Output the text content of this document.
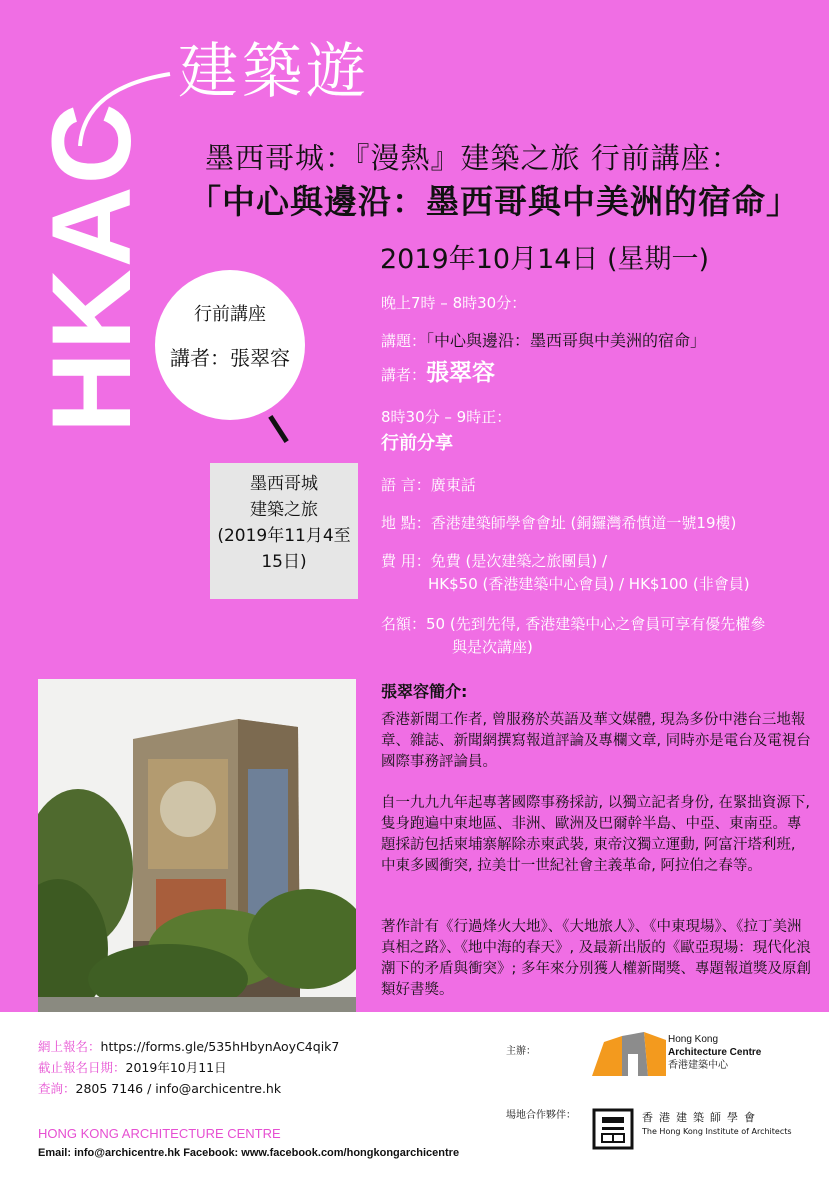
HKAC
建築遊
墨西哥城：『漫熱』建築之旅 行前講座：
「中心與邊沿：墨西哥與中美洲的宿命」
2019年10月14日 (星期一)
行前講座
講者：張翠容
墨西哥城
建築之旅
(2019年11月4至
15日)
晚上7時 – 8時30分：
講題：「中心與邊沿：墨西哥與中美洲的宿命」
講者：張翠容
8時30分 – 9時正：
行前分享
語 言：廣東話
地 點：香港建築師學會會址 (銅鑼灣希慎道一號19樓)
費 用：免費 (是次建築之旅團員) /
HK$50 (香港建築中心會員) / HK$100 (非會員)
名額：50 (先到先得, 香港建築中心之會員可享有優先權參
與是次講座)
張翠容簡介:
香港新聞工作者, 曾服務於英語及華文媒體, 現為多份中港台三地報章、雜誌、新聞網撰寫報道評論及專欄文章, 同時亦是電台及電視台國際事務評論員。
自一九九九年起專著國際事務採訪, 以獨立記者身份, 在緊拙資源下, 隻身跑遍中東地區、非洲、歐洲及巴爾幹半島、中亞、東南亞。專題採訪包括柬埔寨解除赤柬武裝, 東帝汶獨立運動, 阿富汗塔利班, 中東多國衝突, 拉美廿一世紀社會主義革命, 阿拉伯之春等。
著作計有《行過烽火大地》、《大地旅人》、《中東現場》、《拉丁美洲真相之路》、《地中海的春天》, 及最新出版的《歐亞現場：現代化浪潮下的矛盾與衝突》; 多年來分別獲人權新聞獎、專題報道獎及原創類好書獎。
網上報名：https://forms.gle/535hHbynAoyC4qik7
截止報名日期：2019年10月11日
查詢：2805 7146 / info@archicentre.hk
HONG KONG ARCHITECTURE CENTRE
Email: info@archicentre.hk Facebook: www.facebook.com/hongkongarchicentre
主辦：
Hong Kong
Architecture Centre
香港建築中心
場地合作夥伴：	香港建築師學會
The Hong Kong Institute of Architects
